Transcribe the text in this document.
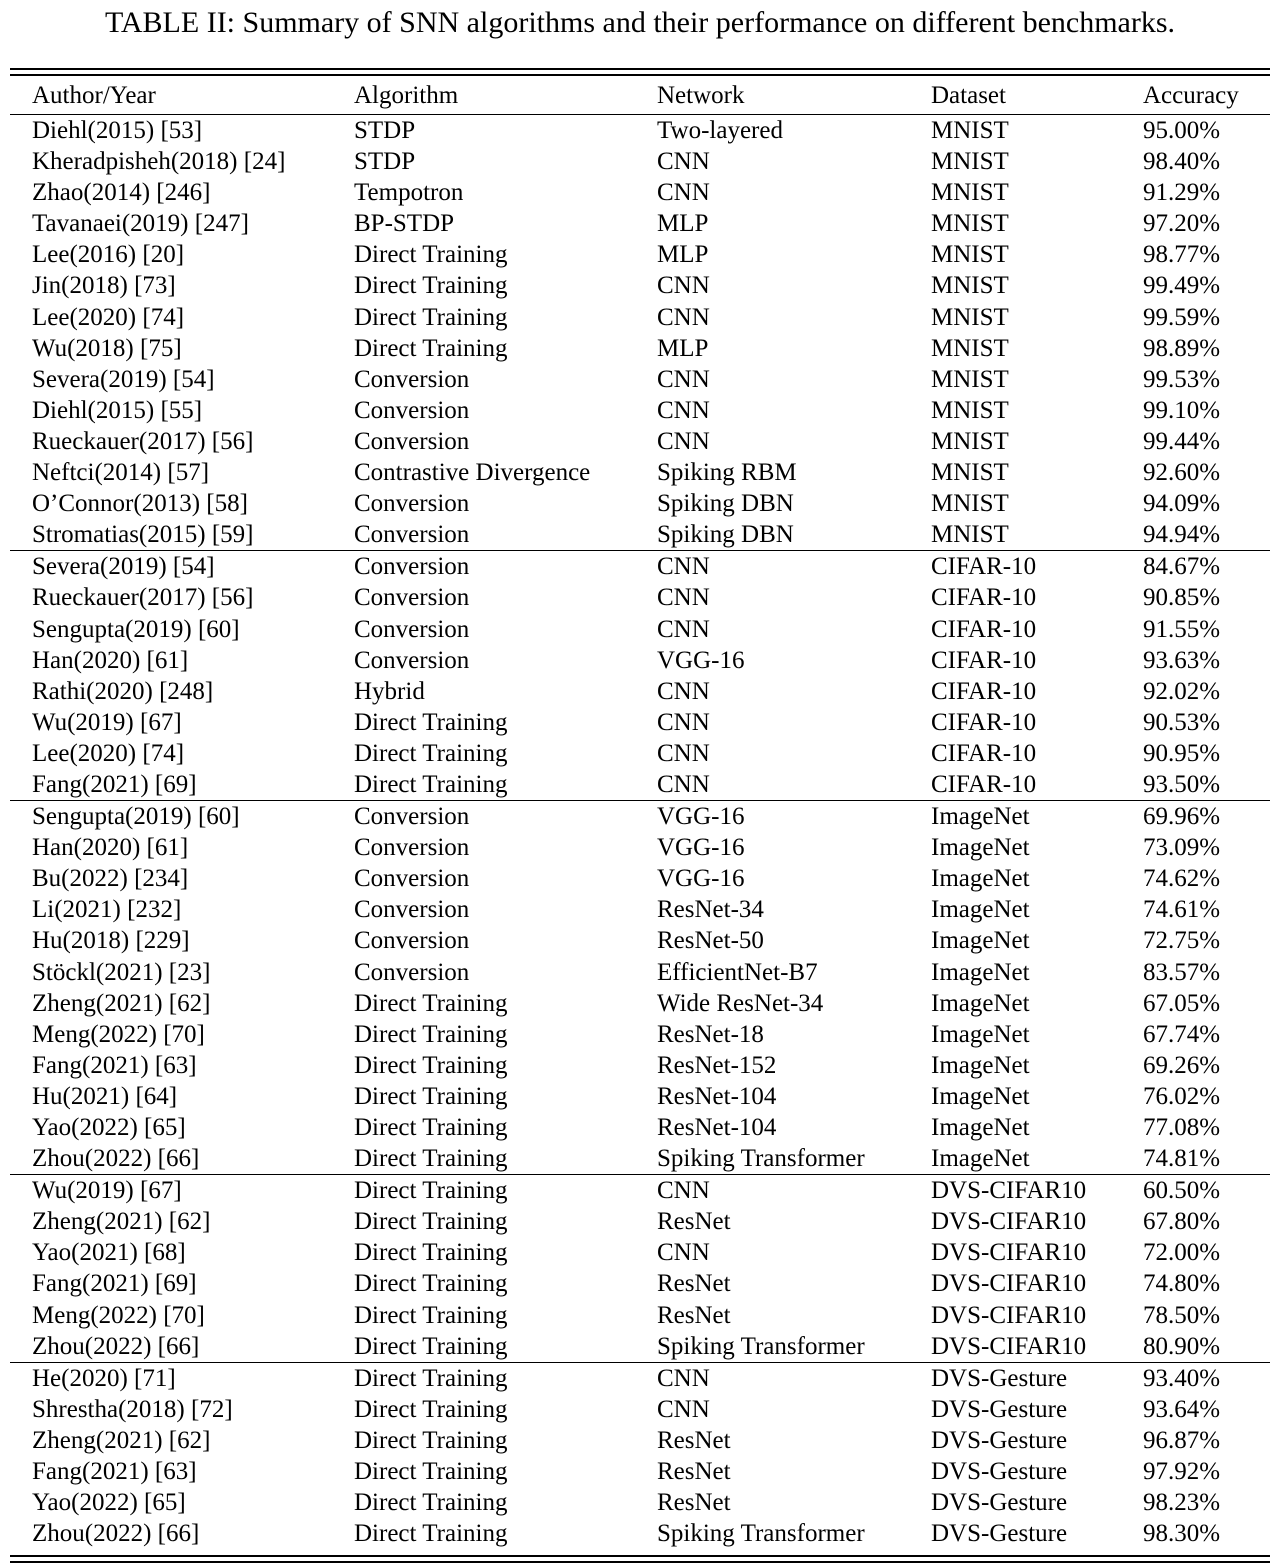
TABLE II: Summary of SNN algorithms and their performance on different benchmarks.
Author/Year	Algorithm	Network	Dataset	Accuracy
Diehl(2015) [53]	STDP	Two-layered	MNIST	95.00%
Kheradpisheh(2018) [24]	STDP	CNN	MNIST	98.40%
Zhao(2014) [246]	Tempotron	CNN	MNIST	91.29%
Tavanaei(2019) [247]	BP-STDP	MLP	MNIST	97.20%
Lee(2016) [20]	Direct Training	MLP	MNIST	98.77%
Jin(2018) [73]	Direct Training	CNN	MNIST	99.49%
Lee(2020) [74]	Direct Training	CNN	MNIST	99.59%
Wu(2018) [75]	Direct Training	MLP	MNIST	98.89%
Severa(2019) [54]	Conversion	CNN	MNIST	99.53%
Diehl(2015) [55]	Conversion	CNN	MNIST	99.10%
Rueckauer(2017) [56]	Conversion	CNN	MNIST	99.44%
Neftci(2014) [57]	Contrastive Divergence	Spiking RBM	MNIST	92.60%
O’Connor(2013) [58]	Conversion	Spiking DBN	MNIST	94.09%
Stromatias(2015) [59]	Conversion	Spiking DBN	MNIST	94.94%
Severa(2019) [54]	Conversion	CNN	CIFAR-10	84.67%
Rueckauer(2017) [56]	Conversion	CNN	CIFAR-10	90.85%
Sengupta(2019) [60]	Conversion	CNN	CIFAR-10	91.55%
Han(2020) [61]	Conversion	VGG-16	CIFAR-10	93.63%
Rathi(2020) [248]	Hybrid	CNN	CIFAR-10	92.02%
Wu(2019) [67]	Direct Training	CNN	CIFAR-10	90.53%
Lee(2020) [74]	Direct Training	CNN	CIFAR-10	90.95%
Fang(2021) [69]	Direct Training	CNN	CIFAR-10	93.50%
Sengupta(2019) [60]	Conversion	VGG-16	ImageNet	69.96%
Han(2020) [61]	Conversion	VGG-16	ImageNet	73.09%
Bu(2022) [234]	Conversion	VGG-16	ImageNet	74.62%
Li(2021) [232]	Conversion	ResNet-34	ImageNet	74.61%
Hu(2018) [229]	Conversion	ResNet-50	ImageNet	72.75%
Stöckl(2021) [23]	Conversion	EfficientNet-B7	ImageNet	83.57%
Zheng(2021) [62]	Direct Training	Wide ResNet-34	ImageNet	67.05%
Meng(2022) [70]	Direct Training	ResNet-18	ImageNet	67.74%
Fang(2021) [63]	Direct Training	ResNet-152	ImageNet	69.26%
Hu(2021) [64]	Direct Training	ResNet-104	ImageNet	76.02%
Yao(2022) [65]	Direct Training	ResNet-104	ImageNet	77.08%
Zhou(2022) [66]	Direct Training	Spiking Transformer	ImageNet	74.81%
Wu(2019) [67]	Direct Training	CNN	DVS-CIFAR10	60.50%
Zheng(2021) [62]	Direct Training	ResNet	DVS-CIFAR10	67.80%
Yao(2021) [68]	Direct Training	CNN	DVS-CIFAR10	72.00%
Fang(2021) [69]	Direct Training	ResNet	DVS-CIFAR10	74.80%
Meng(2022) [70]	Direct Training	ResNet	DVS-CIFAR10	78.50%
Zhou(2022) [66]	Direct Training	Spiking Transformer	DVS-CIFAR10	80.90%
He(2020) [71]	Direct Training	CNN	DVS-Gesture	93.40%
Shrestha(2018) [72]	Direct Training	CNN	DVS-Gesture	93.64%
Zheng(2021) [62]	Direct Training	ResNet	DVS-Gesture	96.87%
Fang(2021) [63]	Direct Training	ResNet	DVS-Gesture	97.92%
Yao(2022) [65]	Direct Training	ResNet	DVS-Gesture	98.23%
Zhou(2022) [66]	Direct Training	Spiking Transformer	DVS-Gesture	98.30%
